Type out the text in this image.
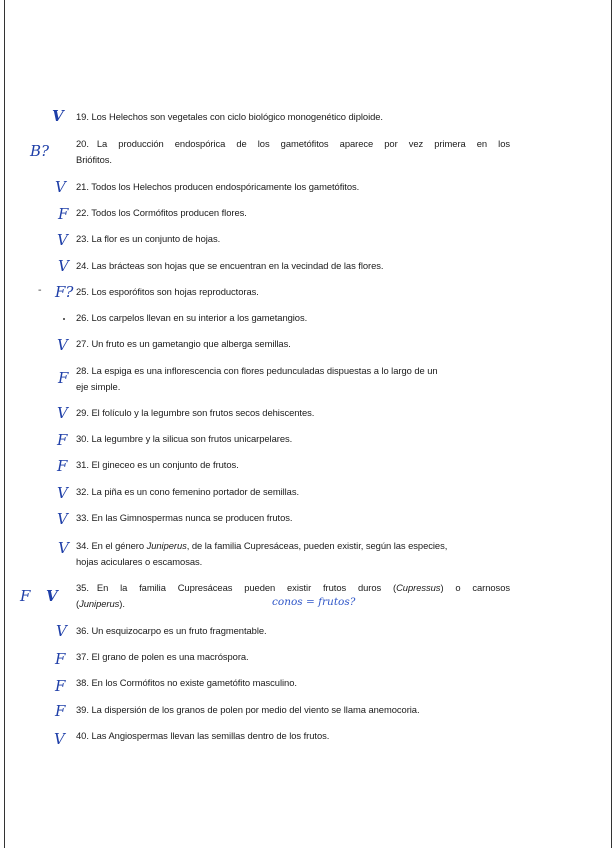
V 19. Los Helechos son vegetales con ciclo biológico monogenético diploide.
B?	20. La producción endospórica de los gametófitos aparece por vez primera en los
Briófitos.
V 21. Todos los Helechos producen endospóricamente los gametófitos.
F 22. Todos los Cormófitos producen flores.
V 23. La flor es un conjunto de hojas.
V 24. Las brácteas son hojas que se encuentran en la vecindad de las flores.
- F? 25. Los esporófitos son hojas reproductoras.
26. Los carpelos llevan en su interior a los gametangios.
V 27. Un fruto es un gametangio que alberga semillas.
F 28. La espiga es una inflorescencia con flores pedunculadas dispuestas a lo largo de un
eje simple.
V 29. El folículo y la legumbre son frutos secos dehiscentes.
F 30. La legumbre y la silicua son frutos unicarpelares.
F 31. El gineceo es un conjunto de frutos.
V 32. La piña es un cono femenino portador de semillas.
V 33. En las Gimnospermas nunca se producen frutos.
V 34. En el género Juniperus, de la familia Cupresáceas, pueden existir, según las especies,
hojas aciculares o escamosas.
F V 35. En la familia Cupresáceas pueden existir frutos duros (Cupressus) o carnosos
(Juniperus).	conos = frutos?
V 36. Un esquizocarpo es un fruto fragmentable.
F 37. El grano de polen es una macróspora.
F 38. En los Cormófitos no existe gametófito masculino.
F 39. La dispersión de los granos de polen por medio del viento se llama anemocoria.
V 40. Las Angiospermas llevan las semillas dentro de los frutos.
